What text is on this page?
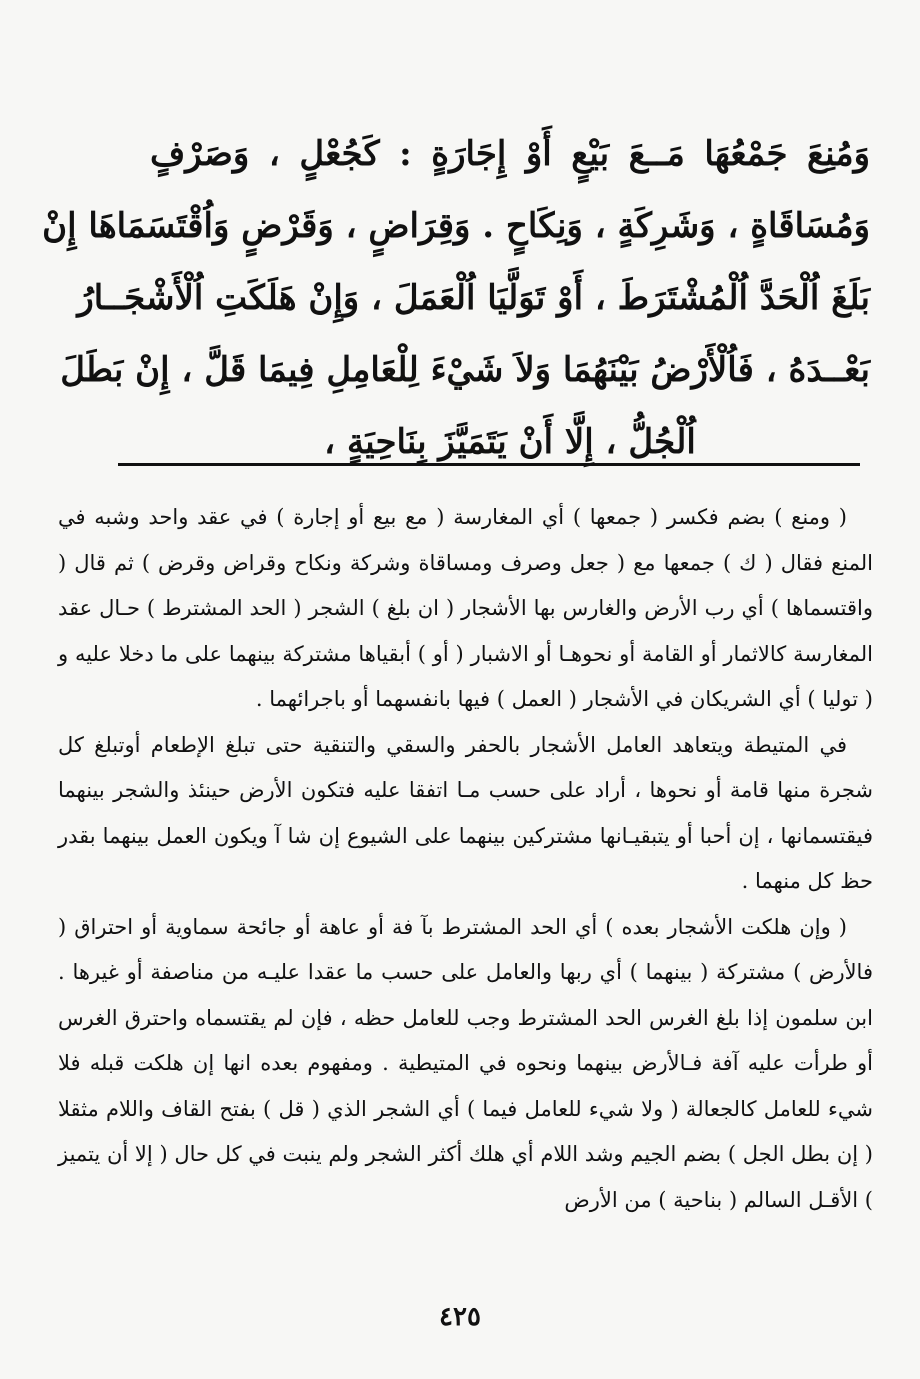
وَمُنِعَ جَمْعُهَا مَــعَ بَيْعٍ أَوْ إِجَارَةٍ : كَجُعْلٍ ، وَصَرْفٍ
وَمُسَاقَاةٍ ، وَشَرِكَةٍ ، وَنِكَاحٍ . وَقِرَاضٍ ، وَقَرْضٍ وَاُقْتَسَمَاهَا إِنْ
بَلَغَ اُلْحَدَّ اُلْمُشْتَرَطَ ، أَوْ تَوَلَّيَا اُلْعَمَلَ ، وَإِنْ هَلَكَتِ اُلْأَشْجَــارُ
بَعْــدَهُ ، فَاُلْأَرْضُ بَيْنَهُمَا وَلاَ شَيْءَ لِلْعَامِلِ فِيمَا قَلَّ ، إِنْ بَطَلَ
اُلْجُلُّ ، إِلَّا أَنْ يَتَمَيَّزَ بِنَاحِيَةٍ ،

( ومنع ) بضم فكسر ( جمعها ) أي المغارسة ( مع بيع أو إجارة ) في عقد واحد وشبه في المنع فقال ( ك ) جمعها مع ( جعل وصرف ومساقاة وشركة ونكاح وقراض وقرض ) ثم قال ( واقتسماها ) أي رب الأرض والغارس بها الأشجار ( ان بلغ ) الشجر ( الحد المشترط ) حـال عقد المغارسة كالاثمار أو القامة أو نحوهـا أو الاشبار ( أو ) أبقياها مشتركة بينهما على ما دخلا عليه و ( توليا ) أي الشريكان في الأشجار ( العمل ) فيها بانفسهما أو باجرائهما .

في المتيطة ويتعاهد العامل الأشجار بالحفر والسقي والتنقية حتى تبلغ الإطعام أوتبلغ كل شجرة منها قامة أو نحوها ، أراد على حسب مـا اتفقا عليه فتكون الأرض حينئذ والشجر بينهما فيقتسمانها ، إن أحبا أو يتبقيـانها مشتركين بينهما على الشيوع إن شا آ ويكون العمل بينهما بقدر حظ كل منهما .

( وإن هلكت الأشجار بعده ) أي الحد المشترط بآ فة أو عاهة أو جائحة سماوية أو احتراق ( فالأرض ) مشتركة ( بينهما ) أي ربها والعامل على حسب ما عقدا عليـه من مناصفة أو غيرها . ابن سلمون إذا بلغ الغرس الحد المشترط وجب للعامل حظه ، فإن لم يقتسماه واحترق الغرس أو طرأت عليه آفة فـالأرض بينهما ونحوه في المتيطية . ومفهوم بعده انها إن هلكت قبله فلا شيء للعامل كالجعالة ( ولا شيء للعامل فيما ) أي الشجر الذي ( قل ) بفتح القاف واللام مثقلا ( إن بطل الجل ) بضم الجيم وشد اللام أي هلك أكثر الشجر ولم ينبت في كل حال ( إلا أن يتميز ) الأقـل السالم ( بناحية ) من الأرض

٤٢٥
